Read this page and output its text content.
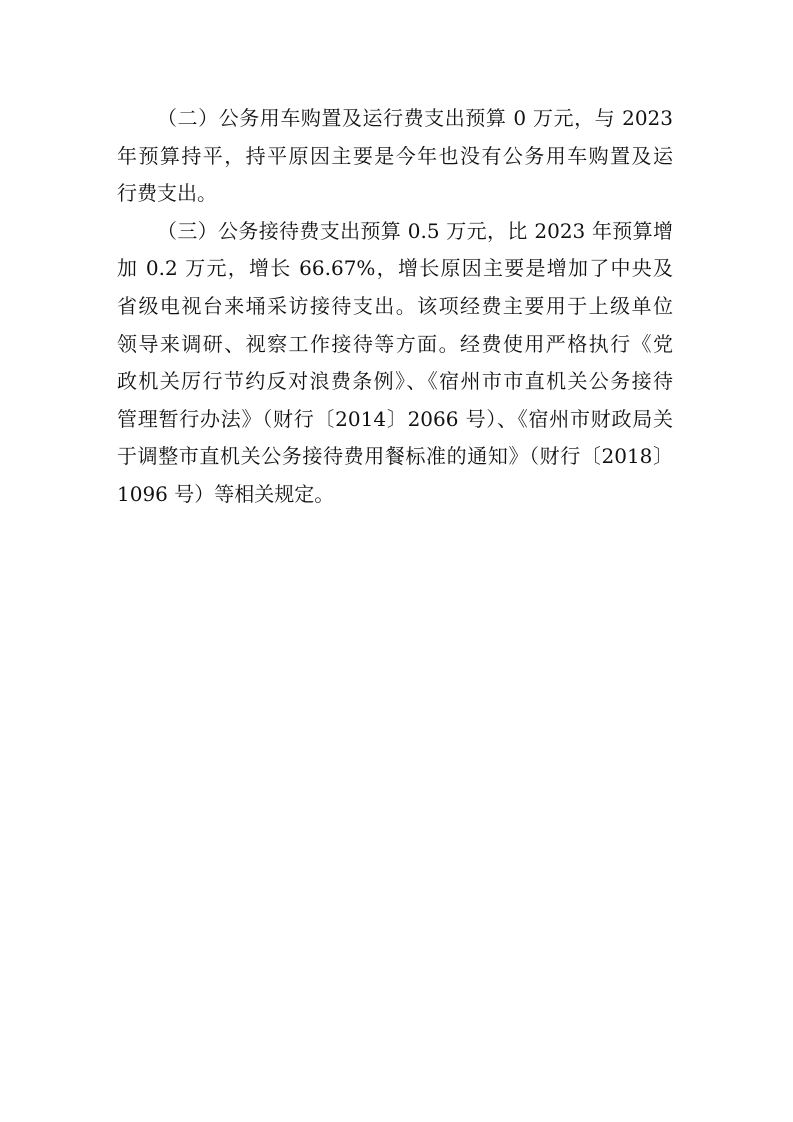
（二）公务用车购置及运行费支出预算 0 万元，与 2023
年预算持平，持平原因主要是今年也没有公务用车购置及运
行费支出。
（三）公务接待费支出预算 0.5 万元，比 2023 年预算增
加 0.2 万元，增长 66.67%，增长原因主要是增加了中央及
省级电视台来埇采访接待支出。该项经费主要用于上级单位
领导来调研、视察工作接待等方面。经费使用严格执行《党
政机关厉行节约反对浪费条例》、《宿州市市直机关公务接待
管理暂行办法》（财行〔2014〕2066 号）、《宿州市财政局关
于调整市直机关公务接待费用餐标准的通知》（财行〔2018〕
1096 号）等相关规定。
